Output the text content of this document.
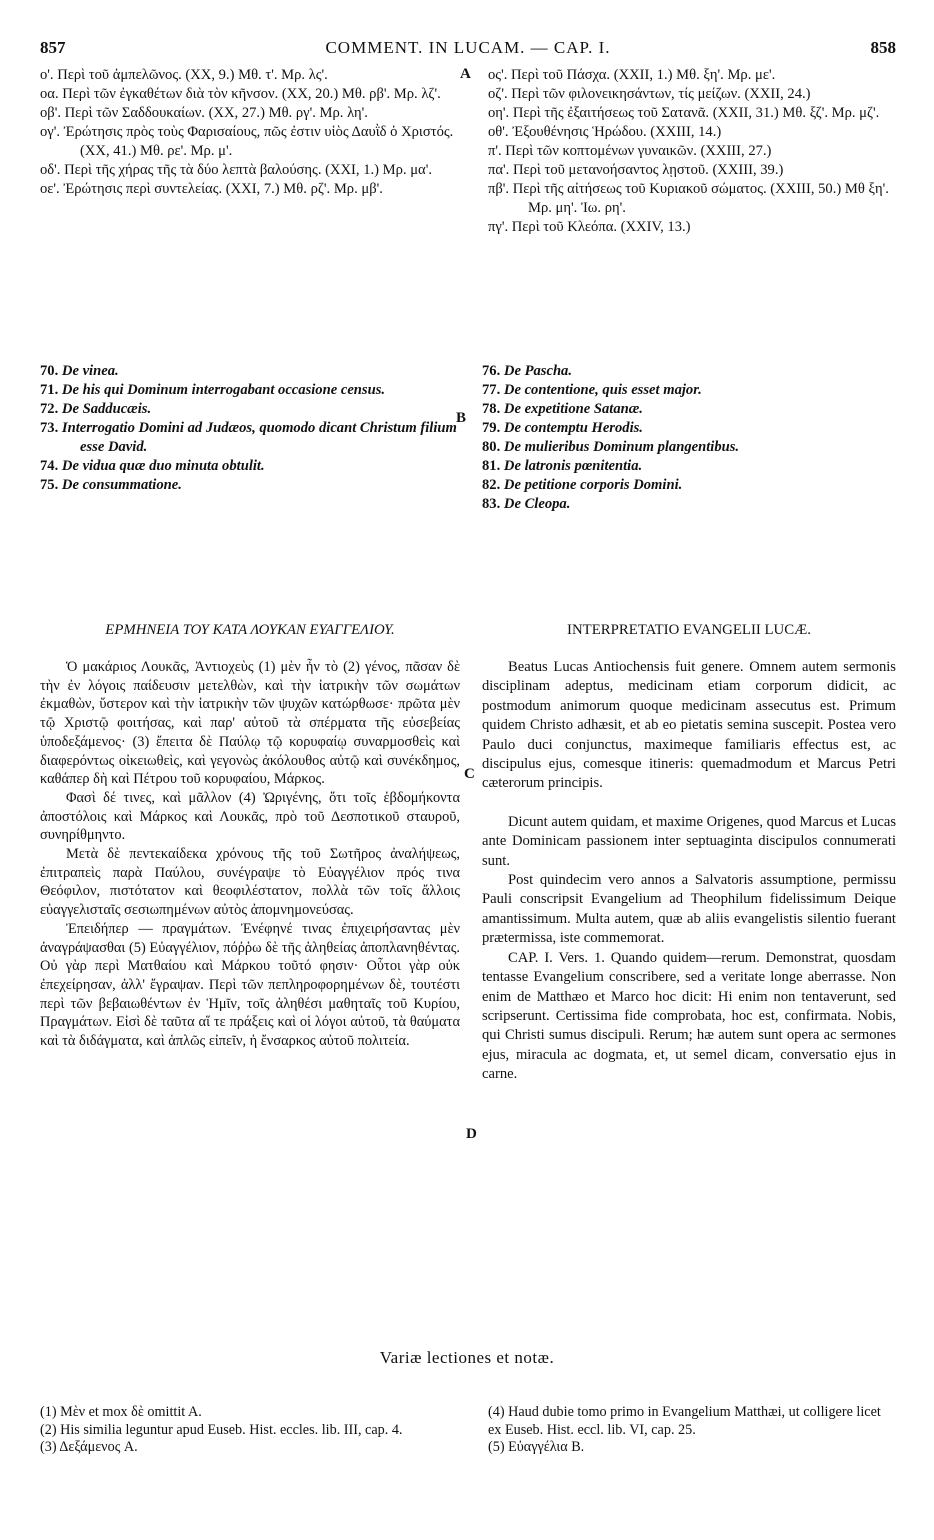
857	COMMENT. IN LUCAM. — CAP. I.	858
ο'. Περὶ τοῦ ἀμπελῶνος. (XX, 9.) Μθ. τ'. Μρ. λς'.
οα. Περὶ τῶν ἐγκαθέτων διὰ τὸν κῆνσον. (XX, 20.) Μθ. ρβ'. Μρ. λζ'.
οβ'. Περὶ τῶν Σαδδουκαίων. (XX, 27.) Μθ. ργ'. Μρ. λη'.
ογ'. Ἐρώτησις πρὸς τοὺς Φαρισαίους, πῶς ἐστιν υἱὸς Δαυῒδ ὁ Χριστός. (XX, 41.) Μθ. ρε'. Μρ. μ'.
οδ'. Περὶ τῆς χήρας τῆς τὰ δύο λεπτὰ βαλούσης. (XXI, 1.) Μρ. μα'.
οε'. Ἐρώτησις περὶ συντελείας. (XXI, 7.) Μθ. ρζ'. Μρ. μβ'.
A ος'. Περὶ τοῦ Πάσχα. (XXII, 1.) Μθ. ξη'. Μρ. με'.
οζ'. Περὶ τῶν φιλονεικησάντων, τίς μείζων. (XXII, 24.)
οη'. Περὶ τῆς ἐξαιτήσεως τοῦ Σατανᾶ. (XXII, 31.) Μθ. ξζ'. Μρ. μζ'.
οθ'. Ἐξουθένησις Ἡρώδου. (XXIII, 14.)
π'. Περὶ τῶν κοπτομένων γυναικῶν. (XXIII, 27.)
πα'. Περὶ τοῦ μετανοήσαντος λῃστοῦ. (XXIII, 39.)
πβ'. Περὶ τῆς αἰτήσεως τοῦ Κυριακοῦ σώματος. (XXIII, 50.) Μθ ξη'. Μρ. μη'. Ἰω. ρη'.
πγ'. Περὶ τοῦ Κλεόπα. (XXIV, 13.)
70. De vinea.
71. De his qui Dominum interrogabant occasione census.
72. De Sadducæis.
73. Interrogatio Domini ad Judæos, quomodo dicant Christum filium esse David.
74. De vidua quæ duo minuta obtulit.
75. De consummatione.
B
76. De Pascha.
77. De contentione, quis esset major.
78. De expetitione Satanæ.
79. De contemptu Herodis.
80. De mulieribus Dominum plangentibus.
81. De latronis pœnitentia.
82. De petitione corporis Domini.
83. De Cleopa.
ΕΡΜΗΝΕΙΑ ΤΟΥ ΚΑΤΑ ΛΟΥΚΑΝ ΕΥΑΓΓΕΛΙΟΥ.	INTERPRETATIO EVANGELII LUCÆ.

Ὁ μακάριος Λουκᾶς, Ἀντιοχεὺς (1) μὲν ἦν τὸ (2) γένος, πᾶσαν δὲ τὴν ἐν λόγοις παίδευσιν μετελθὼν, καὶ τὴν ἰατρικὴν τῶν σωμάτων ἐκμαθὼν, ὕστερον καὶ τὴν ἰατρικὴν τῶν ψυχῶν κατώρθωσε· πρῶτα μὲν τῷ Χριστῷ φοιτήσας, καὶ παρ' αὐτοῦ τὰ σπέρματα τῆς εὐσεβείας ὑποδεξάμενος· (3) ἔπειτα δὲ Παύλῳ τῷ κορυφαίῳ συναρμοσθεὶς καὶ διαφερόντως οἰκειωθεὶς, καὶ γεγονὼς ἀκόλουθος αὐτῷ καὶ συνέκδημος, καθάπερ δὴ καὶ Πέτρου τοῦ κορυφαίου, Μάρκος.

Φασὶ δέ τινες, καὶ μᾶλλον (4) Ὠριγένης, ὅτι τοῖς ἑβδομήκοντα ἀποστόλοις καὶ Μάρκος καὶ Λουκᾶς, πρὸ τοῦ Δεσποτικοῦ σταυροῦ, συνηρίθμηντο.

Μετὰ δὲ πεντεκαίδεκα χρόνους τῆς τοῦ Σωτῆρος ἀναλήψεως, ἐπιτραπεὶς παρὰ Παύλου, συνέγραψε τὸ Εὐαγγέλιον πρός τινα Θεόφιλον, πιστότατον καὶ θεοφιλέστατον, πολλὰ τῶν τοῖς ἄλλοις εὐαγγελισταῖς σεσιωπημένων αὐτὸς ἀπομνημονεύσας.

Ἐπειδήπερ — πραγμάτων. Ἐνέφηνέ τινας ἐπιχειρήσαντας μὲν ἀναγράψασθαι (5) Εὐαγγέλιον, πόῤῥω δὲ τῆς ἀληθείας ἀποπλανηθέντας. Οὐ γὰρ περὶ Ματθαίου καὶ Μάρκου τοῦτό φησιν· Οὗτοι γὰρ οὐκ ἐπεχείρησαν, ἀλλ' ἔγραψαν. Περὶ τῶν πεπληροφορημένων δὲ, τουτέστι περὶ τῶν βεβαιωθέντων ἐν Ἡμῖν, τοῖς ἀληθέσι μαθηταῖς τοῦ Κυρίου, Πραγμάτων. Εἰσὶ δὲ ταῦτα αἵ τε πράξεις καὶ οἱ λόγοι αὐτοῦ, τὰ θαύματα καὶ τὰ διδάγματα, καὶ ἁπλῶς εἰπεῖν, ἡ ἔνσαρκος αὐτοῦ πολιτεία.

C
D

Beatus Lucas Antiochensis fuit genere. Omnem autem sermonis disciplinam adeptus, medicinam etiam corporum didicit, ac postmodum animorum quoque medicinam assecutus est. Primum quidem Christo adhæsit, et ab eo pietatis semina suscepit. Postea vero Paulo duci conjunctus, maximeque familiaris effectus est, ac discipulus ejus, comesque itineris: quemadmodum et Marcus Petri cæterorum principis.

Dicunt autem quidam, et maxime Origenes, quod Marcus et Lucas ante Dominicam passionem inter septuaginta discipulos connumerati sunt.

Post quindecim vero annos a Salvatoris assumptione, permissu Pauli conscripsit Evangelium ad Theophilum fidelissimum Deique amantissimum. Multa autem, quæ ab aliis evangelistis silentio fuerant prætermissa, iste commemorat.

CAP. I. Vers. 1. Quando quidem—rerum. Demonstrat, quosdam tentasse Evangelium conscribere, sed a veritate longe aberrasse. Non enim de Matthæo et Marco hoc dicit: Hi enim non tentaverunt, sed scripserunt. Certissima fide comprobata, hoc est, confirmata. Nobis, qui Christi sumus discipuli. Rerum; hæ autem sunt opera ac sermones ejus, miracula ac dogmata, et, ut semel dicam, conversatio ejus in carne.

Variæ lectiones et notæ.
(1) Μὲν et mox δὲ omittit A.
(2) His similia leguntur apud Euseb. Hist. eccles. lib. III, cap. 4.
(3) Δεξάμενος A.
(4) Haud dubie tomo primo in Evangelium Matthæi, ut colligere licet ex Euseb. Hist. eccl. lib. VI, cap. 25.
(5) Εὐαγγέλια B.
